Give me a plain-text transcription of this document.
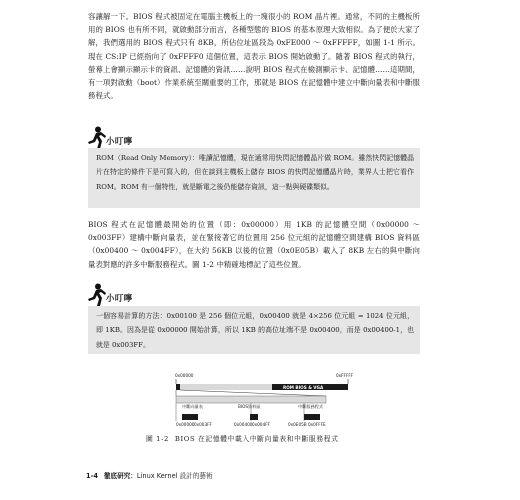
容讓解一下。BIOS 程式被固定在電腦主機板上的一塊很小的 ROM 晶片裡。通常，不同的主機板所用的 BIOS 也有所不同，就啟動部分而言，各種型態的 BIOS 的基本原理大致相似。為了便於大家了解，我們選用的 BIOS 程式只有 8KB，所佔位址區段為 0xFE000 ～ 0xFFFFF，如圖 1-1 所示。現在 CS:IP 已經指向了 0xFFFF0 這個位置，這表示 BIOS 開始啟動了。隨著 BIOS 程式的執行，螢幕上會顯示顯示卡的資訊、記憶體的資訊……說明 BIOS 程式在檢測顯示卡、記憶體……這期間，有一項對啟動（boot）作業系統至關重要的工作，那就是 BIOS 在記憶體中建立中斷向量表和中斷服務程式。

小叮嚀

ROM（Read Only Memory）：唯讀記憶體，現在通常用快閃記憶體晶片做 ROM。雖然快閃記憶體晶片在特定的條件下是可寫入的，但在談到主機板上儲存 BIOS 的快閃記憶體晶片時，業界人士把它看作 ROM。ROM 有一個特性，就是斷電之後仍能儲存資訊，這一點與硬碟類似。

BIOS 程式在記憶體最開始的位置（即：0x00000）用 1KB 的記憶體空間（0x00000 ～ 0x003FF）建構中斷向量表，並在緊接著它的位置用 256 位元組的記憶體空間建構 BIOS 資料區（0x00400 ～ 0x004FF），在大約 56KB 以後的位置（0x0E05B）載入了 8KB 左右的與中斷向量表對應的許多中斷服務程式。圖 1-2 中精確地標記了這些位置。

小叮嚀

一個容易計算的方法：0x00100 是 256 個位元組，0x00400 就是 4×256 位元組 = 1024 位元組，即 1KB。因為是從 0x00000 開始計算，所以 1KB 的高位址端不是 0x00400，而是 0x00400-1，也就是 0x003FF。

0x00000	0xFFFFF
ROM BIOS & VGA
中斷向量表	BIOS資料區	中斷服務程式
0x00000 0x003FF	0x00400 0x004FF	0x0E05B 0x0FFFE
圖 1-2 BIOS 在記憶體中載入中斷向量表和中斷服務程式
1-4 徹底研究：Linux Kernel 設計的藝術
